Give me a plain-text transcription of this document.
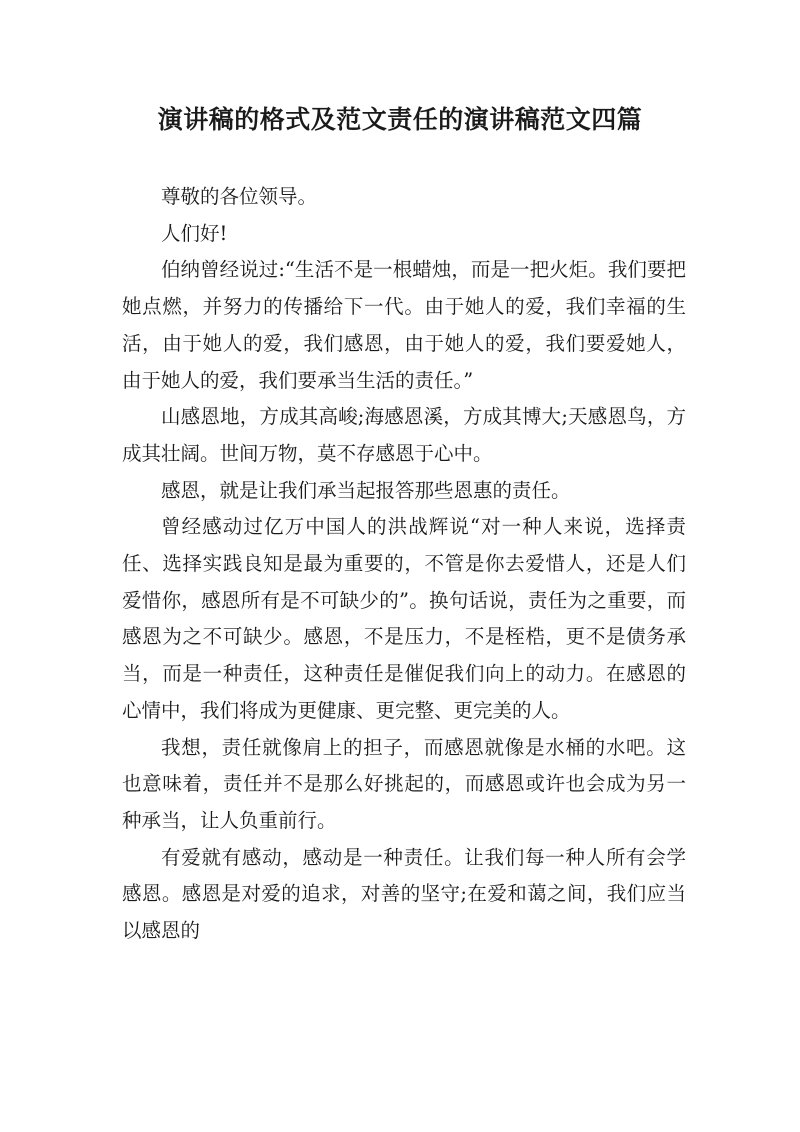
演讲稿的格式及范文责任的演讲稿范文四篇

尊敬的各位领导。

人们好!

伯纳曾经说过:“生活不是一根蜡烛，而是一把火炬。我们要把她点燃，并努力的传播给下一代。由于她人的爱，我们幸福的生活，由于她人的爱，我们感恩，由于她人的爱，我们要爱她人，由于她人的爱，我们要承当生活的责任。”

山感恩地，方成其高峻;海感恩溪，方成其博大;天感恩鸟，方成其壮阔。世间万物，莫不存感恩于心中。

感恩，就是让我们承当起报答那些恩惠的责任。

曾经感动过亿万中国人的洪战辉说“对一种人来说，选择责任、选择实践良知是最为重要的，不管是你去爱惜人，还是人们爱惜你，感恩所有是不可缺少的”。换句话说，责任为之重要，而感恩为之不可缺少。感恩，不是压力，不是桎梏，更不是债务承当，而是一种责任，这种责任是催促我们向上的动力。在感恩的心情中，我们将成为更健康、更完整、更完美的人。

我想，责任就像肩上的担子，而感恩就像是水桶的水吧。这也意味着，责任并不是那么好挑起的，而感恩或许也会成为另一种承当，让人负重前行。

有爱就有感动，感动是一种责任。让我们每一种人所有会学感恩。感恩是对爱的追求，对善的坚守;在爱和蔼之间，我们应当以感恩的
